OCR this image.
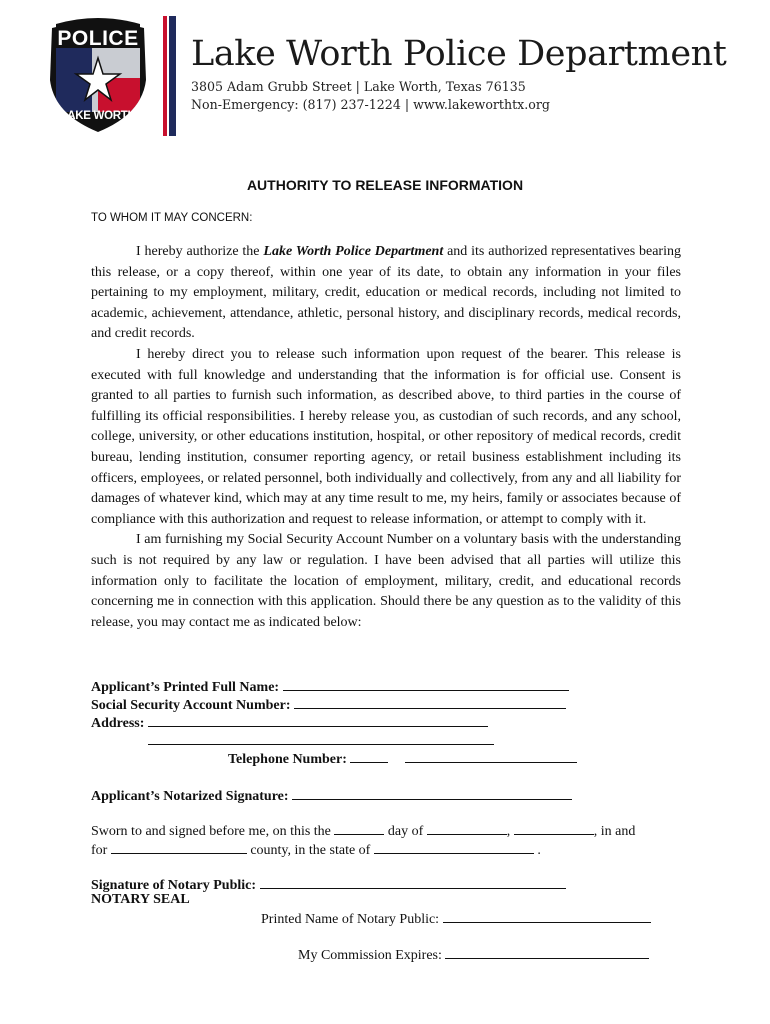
POLICE
LAKE WORTH
Lake Worth Police Department
3805 Adam Grubb Street | Lake Worth, Texas 76135
Non-Emergency: (817) 237-1224 | www.lakeworthtx.org
AUTHORITY TO RELEASE INFORMATION
TO WHOM IT MAY CONCERN:

I hereby authorize the Lake Worth Police Department and its authorized representatives bearing this release, or a copy thereof, within one year of its date, to obtain any information in your files pertaining to my employment, military, credit, education or medical records, including not limited to academic, achievement, attendance, athletic, personal history, and disciplinary records, medical records, and credit records.

I hereby direct you to release such information upon request of the bearer. This release is executed with full knowledge and understanding that the information is for official use. Consent is granted to all parties to furnish such information, as described above, to third parties in the course of fulfilling its official responsibilities. I hereby release you, as custodian of such records, and any school, college, university, or other educations institution, hospital, or other repository of medical records, credit bureau, lending institution, consumer reporting agency, or retail business establishment including its officers, employees, or related personnel, both individually and collectively, from any and all liability for damages of whatever kind, which may at any time result to me, my heirs, family or associates because of compliance with this authorization and request to release information, or attempt to comply with it.

I am furnishing my Social Security Account Number on a voluntary basis with the understanding such is not required by any law or regulation. I have been advised that all parties will utilize this information only to facilitate the location of employment, military, credit, and educational records concerning me in connection with this application. Should there be any question as to the validity of this release, you may contact me as indicated below:

Applicant’s Printed Full Name:
Social Security Account Number:
Address:
Telephone Number:
Applicant’s Notarized Signature:
Sworn to and signed before me, on this the	day of	,	, in and
for	county, in the state of	.
Signature of Notary Public:
NOTARY SEAL
Printed Name of Notary Public:
My Commission Expires:
